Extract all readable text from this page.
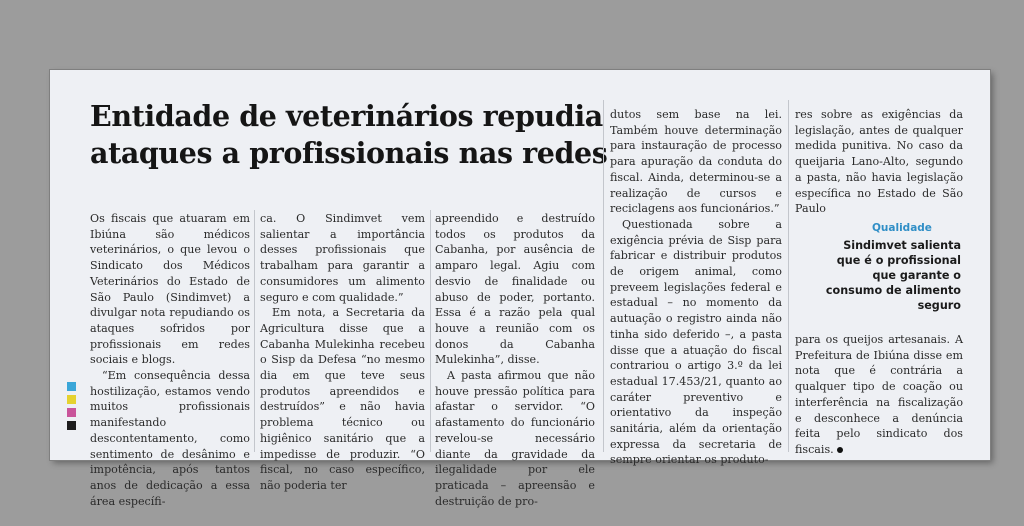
Entidade de veterinários repudia
ataques a profissionais nas redes

Os fiscais que atuaram em Ibiúna são médicos veterinários, o que levou o Sindicato dos Médicos Veterinários do Estado de São Paulo (Sindimvet) a divulgar nota repudiando os ataques sofridos por profissionais em redes sociais e blogs.

“Em consequência dessa hostilização, estamos vendo muitos profissionais manifestando descontentamento, como sentimento de desânimo e impotência, após tantos anos de dedicação a essa área específi-

ca. O Sindimvet vem salientar a importância desses profissionais que trabalham para garantir a consumidores um alimento seguro e com qualidade.”

Em nota, a Secretaria da Agricultura disse que a Cabanha Mulekinha recebeu o Sisp da Defesa “no mesmo dia em que teve seus produtos apreendidos e destruídos” e não havia problema técnico ou higiênico sanitário que a impedisse de produzir. “O fiscal, no caso específico, não poderia ter

apreendido e destruído todos os produtos da Cabanha, por ausência de amparo legal. Agiu com desvio de finalidade ou abuso de poder, portanto. Essa é a razão pela qual houve a reunião com os donos da Cabanha Mulekinha”, disse.

A pasta afirmou que não houve pressão política para afastar o servidor. “O afastamento do funcionário revelou-se necessário diante da gravidade da ilegalidade por ele praticada – apreensão e destruição de pro-

dutos sem base na lei. Também houve determinação para instauração de processo para apuração da conduta do fiscal. Ainda, determinou-se a realização de cursos e reciclagens aos funcionários.”

Questionada sobre a exigência prévia de Sisp para fabricar e distribuir produtos de origem animal, como preveem legislações federal e estadual – no momento da autuação o registro ainda não tinha sido deferido –, a pasta disse que a atuação do fiscal contrariou o artigo 3.º da lei estadual 17.453/21, quanto ao caráter preventivo e orientativo da inspeção sanitária, além da orientação expressa da secretaria de sempre orientar os produto-

res sobre as exigências da legislação, antes de qualquer medida punitiva. No caso da queijaria Lano-Alto, segundo a pasta, não havia legislação específica no Estado de São Paulo

Qualidade
Sindimvet salienta que é o profissional que garante o consumo de alimento seguro

para os queijos artesanais. A Prefeitura de Ibiúna disse em nota que é contrária a qualquer tipo de coação ou interferência na fiscalização e desconhece a denúncia feita pelo sindicato dos fiscais.
